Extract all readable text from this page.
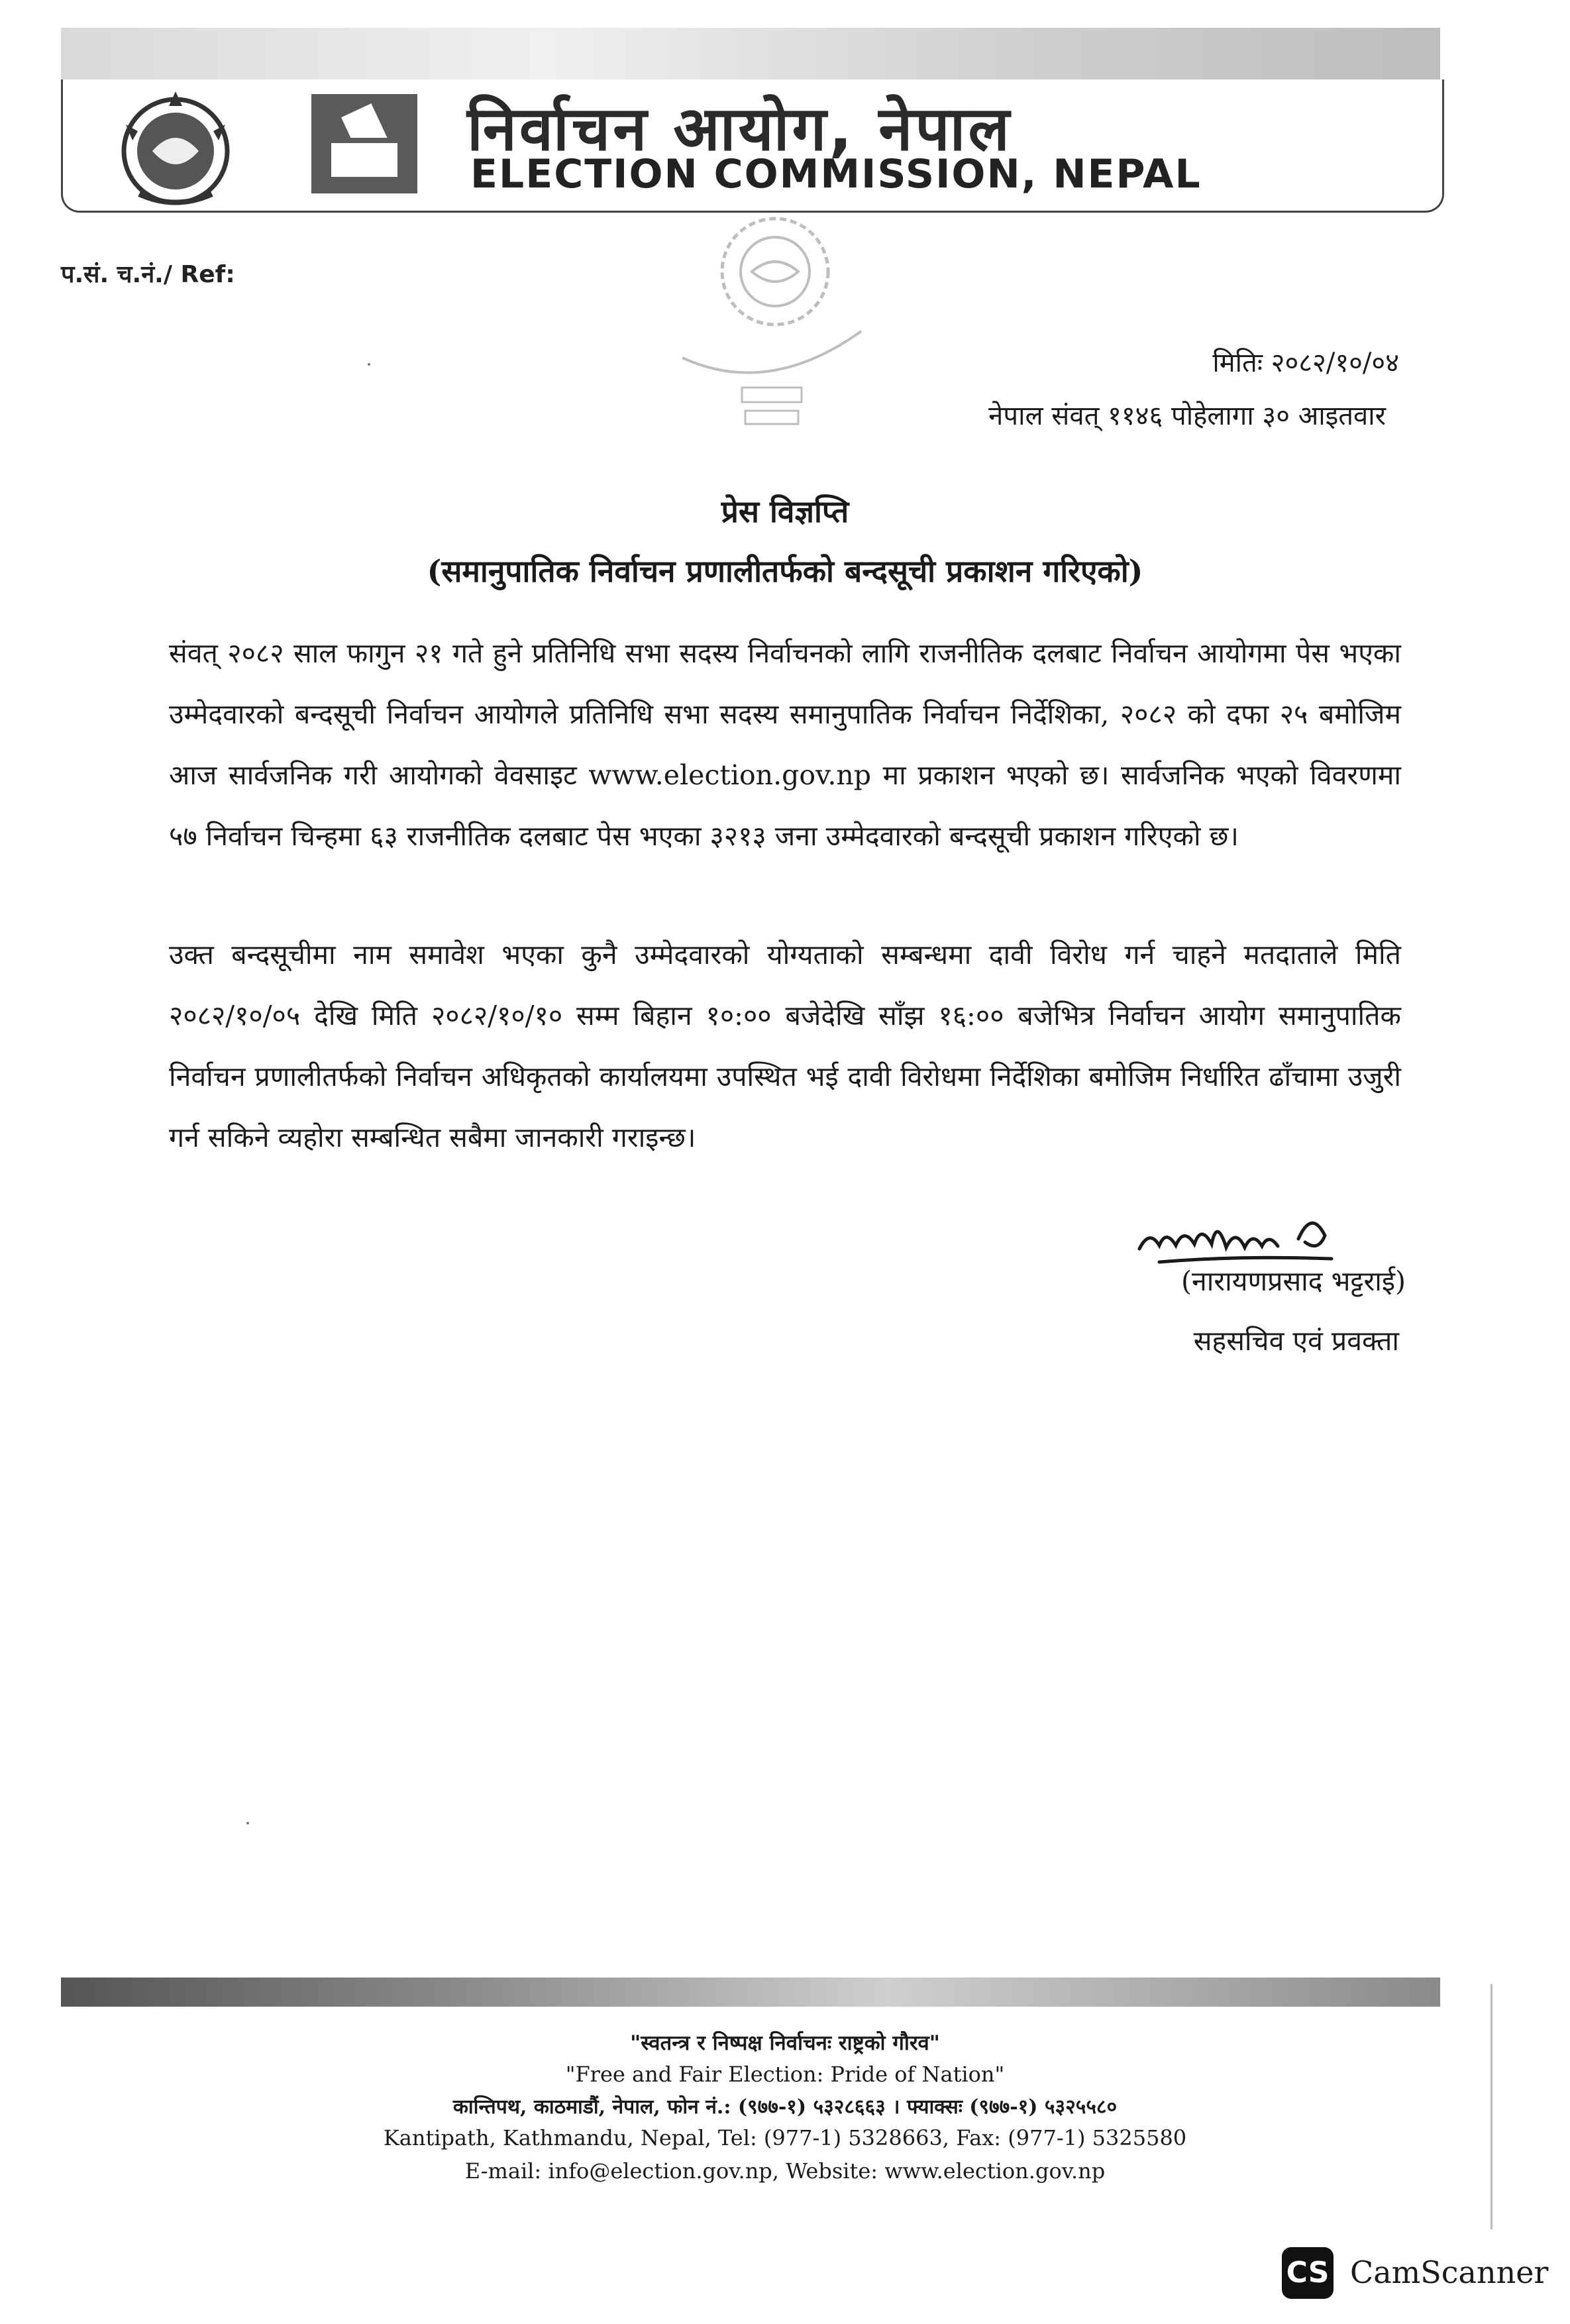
निर्वाचन आयोग, नेपाल
ELECTION COMMISSION, NEPAL
प.सं. च.नं./ Ref:
मितिः २०८२/१०/०४
नेपाल संवत् ११४६ पोहेलागा ३० आइतवार
प्रेस विज्ञप्ति
(समानुपातिक निर्वाचन प्रणालीतर्फको बन्दसूची प्रकाशन गरिएको)
संवत् २०८२ साल फागुन २१ गते हुने प्रतिनिधि सभा सदस्य निर्वाचनको लागि राजनीतिक दलबाट निर्वाचन आयोगमा पेस भएका उम्मेदवारको बन्दसूची निर्वाचन आयोगले प्रतिनिधि सभा सदस्य समानुपातिक निर्वाचन निर्देशिका, २०८२ को दफा २५ बमोजिम आज सार्वजनिक गरी आयोगको वेवसाइट www.election.gov.np मा प्रकाशन भएको छ। सार्वजनिक भएको विवरणमा ५७ निर्वाचन चिन्हमा ६३ राजनीतिक दलबाट पेस भएका ३२१३ जना उम्मेदवारको बन्दसूची प्रकाशन गरिएको छ।
उक्त बन्दसूचीमा नाम समावेश भएका कुनै उम्मेदवारको योग्यताको सम्बन्धमा दावी विरोध गर्न चाहने मतदाताले मिति २०८२/१०/०५ देखि मिति २०८२/१०/१० सम्म बिहान १०:०० बजेदेखि साँझ १६:०० बजेभित्र निर्वाचन आयोग समानुपातिक निर्वाचन प्रणालीतर्फको निर्वाचन अधिकृतको कार्यालयमा उपस्थित भई दावी विरोधमा निर्देशिका बमोजिम निर्धारित ढाँचामा उजुरी गर्न सकिने व्यहोरा सम्बन्धित सबैमा जानकारी गराइन्छ।
(नारायणप्रसाद भट्टराई)
सहसचिव एवं प्रवक्ता
"स्वतन्त्र र निष्पक्ष निर्वाचनः राष्ट्रको गौरव"
"Free and Fair Election: Pride of Nation"
कान्तिपथ, काठमाडौं, नेपाल, फोन नं.: (९७७-१) ५३२८६६३ । फ्याक्सः (९७७-१) ५३२५५८०
Kantipath, Kathmandu, Nepal, Tel: (977-1) 5328663, Fax: (977-1) 5325580
E-mail: info@election.gov.np, Website: www.election.gov.np
CS CamScanner
